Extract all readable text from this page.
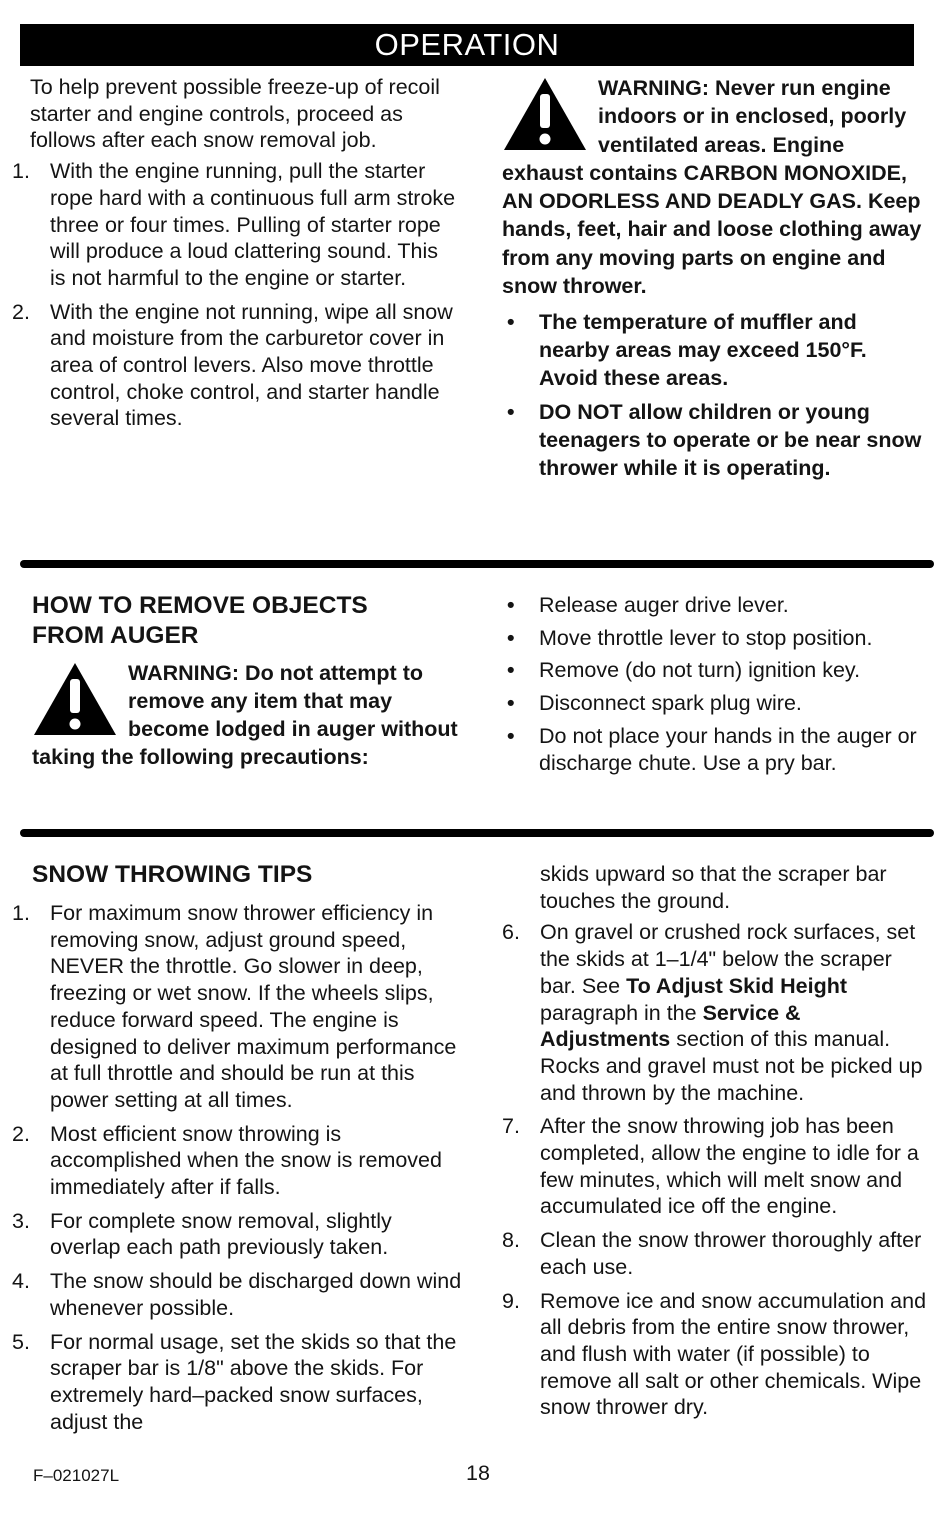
OPERATION

To help prevent possible freeze-up of recoil starter and engine controls, proceed as follows after each snow removal job.

1. With the engine running, pull the starter rope hard with a continuous full arm stroke three or four times. Pulling of starter rope will produce a loud clattering sound. This is not harmful to the engine or starter.
2. With the engine not running, wipe all snow and moisture from the carburetor cover in area of control levers. Also move throttle control, choke control, and starter handle several times.

WARNING: Never run engine indoors or in enclosed, poorly ventilated areas. Engine exhaust contains CARBON MONOXIDE, AN ODORLESS AND DEADLY GAS. Keep hands, feet, hair and loose clothing away from any moving parts on engine and snow thrower.

• The temperature of muffler and nearby areas may exceed 150°F. Avoid these areas.
• DO NOT allow children or young teenagers to operate or be near snow thrower while it is operating.
HOW TO REMOVE OBJECTS FROM AUGER

WARNING: Do not attempt to remove any item that may become lodged in auger without taking the following precautions:

• Release auger drive lever.
• Move throttle lever to stop position.
• Remove (do not turn) ignition key.
• Disconnect spark plug wire.
• Do not place your hands in the auger or discharge chute. Use a pry bar.
SNOW THROWING TIPS
1. For maximum snow thrower efficiency in removing snow, adjust ground speed, NEVER the throttle. Go slower in deep, freezing or wet snow. If the wheels slips, reduce forward speed. The engine is designed to deliver maximum performance at full throttle and should be run at this power setting at all times.
2. Most efficient snow throwing is accomplished when the snow is removed immediately after if falls.
3. For complete snow removal, slightly overlap each path previously taken.
4. The snow should be discharged down wind whenever possible.
5. For normal usage, set the skids so that the scraper bar is 1/8" above the skids. For extremely hard–packed snow surfaces, adjust the

skids upward so that the scraper bar touches the ground.

6. On gravel or crushed rock surfaces, set the skids at 1–1/4" below the scraper bar. See To Adjust Skid Height paragraph in the Service & Adjustments section of this manual. Rocks and gravel must not be picked up and thrown by the machine.
7. After the snow throwing job has been completed, allow the engine to idle for a few minutes, which will melt snow and accumulated ice off the engine.
8. Clean the snow thrower thoroughly after each use.
9. Remove ice and snow accumulation and all debris from the entire snow thrower, and flush with water (if possible) to remove all salt or other chemicals. Wipe snow thrower dry.
F–021027L	18
